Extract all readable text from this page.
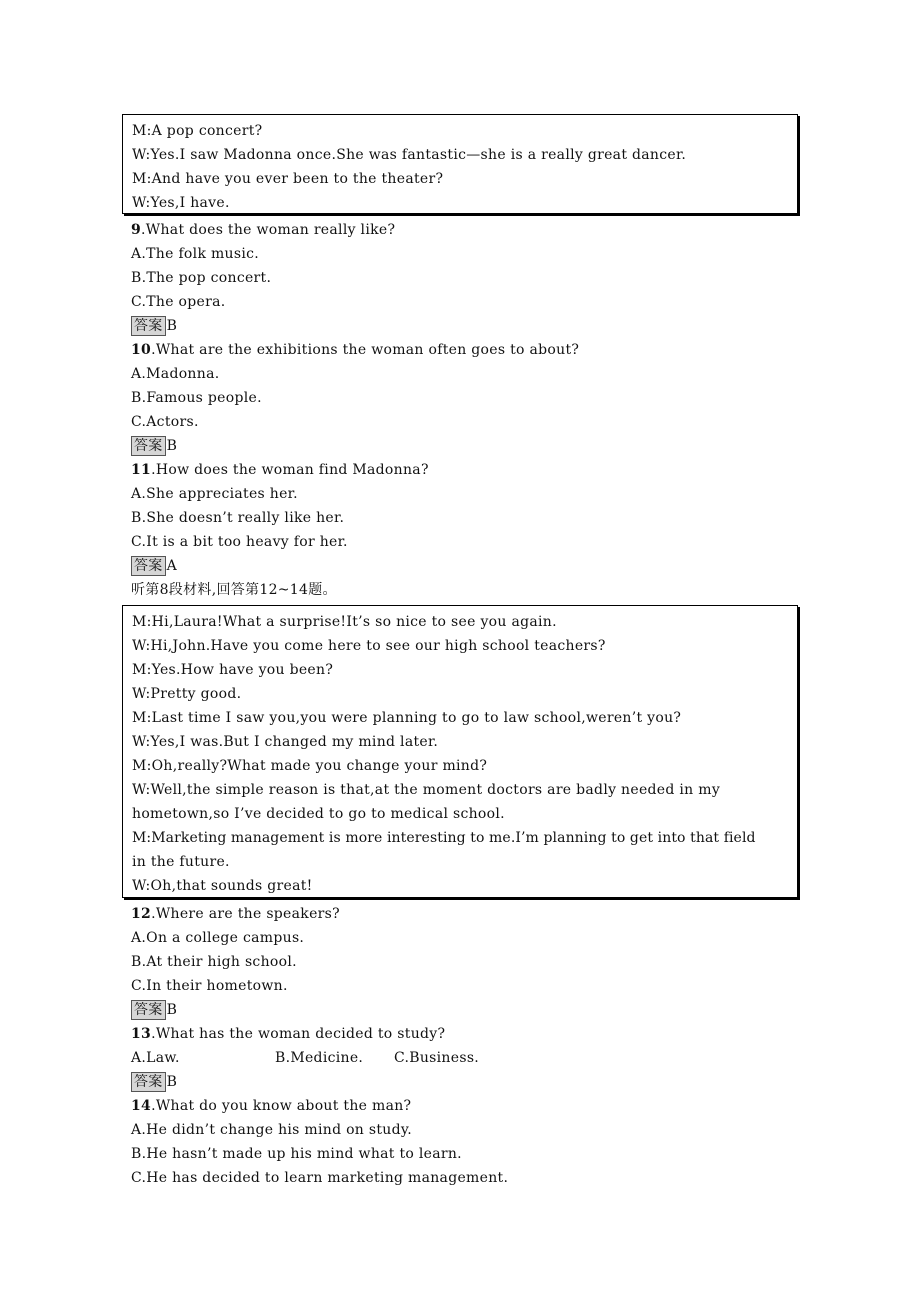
M:A pop concert?
W:Yes.I saw Madonna once.She was fantastic—she is a really great dancer.
M:And have you ever been to the theater?
W:Yes,I have.
9.What does the woman really like?
A.The folk music.
B.The pop concert.
C.The opera.
答案 B
10.What are the exhibitions the woman often goes to about?
A.Madonna.
B.Famous people.
C.Actors.
答案 B
11.How does the woman find Madonna?
A.She appreciates her.
B.She doesn’t really like her.
C.It is a bit too heavy for her.
答案 A
听第8段材料,回答第12~14题。
M:Hi,Laura!What a surprise!It’s so nice to see you again.
W:Hi,John.Have you come here to see our high school teachers?
M:Yes.How have you been?
W:Pretty good.
M:Last time I saw you,you were planning to go to law school,weren’t you?
W:Yes,I was.But I changed my mind later.
M:Oh,really?What made you change your mind?
W:Well,the simple reason is that,at the moment doctors are badly needed in my
hometown,so I’ve decided to go to medical school.
M:Marketing management is more interesting to me.I’m planning to get into that field
in the future.
W:Oh,that sounds great!
12.Where are the speakers?
A.On a college campus.
B.At their high school.
C.In their hometown.
答案 B
13.What has the woman decided to study?
A.Law.	B.Medicine. C.Business.
答案 B
14.What do you know about the man?
A.He didn’t change his mind on study.
B.He hasn’t made up his mind what to learn.
C.He has decided to learn marketing management.
